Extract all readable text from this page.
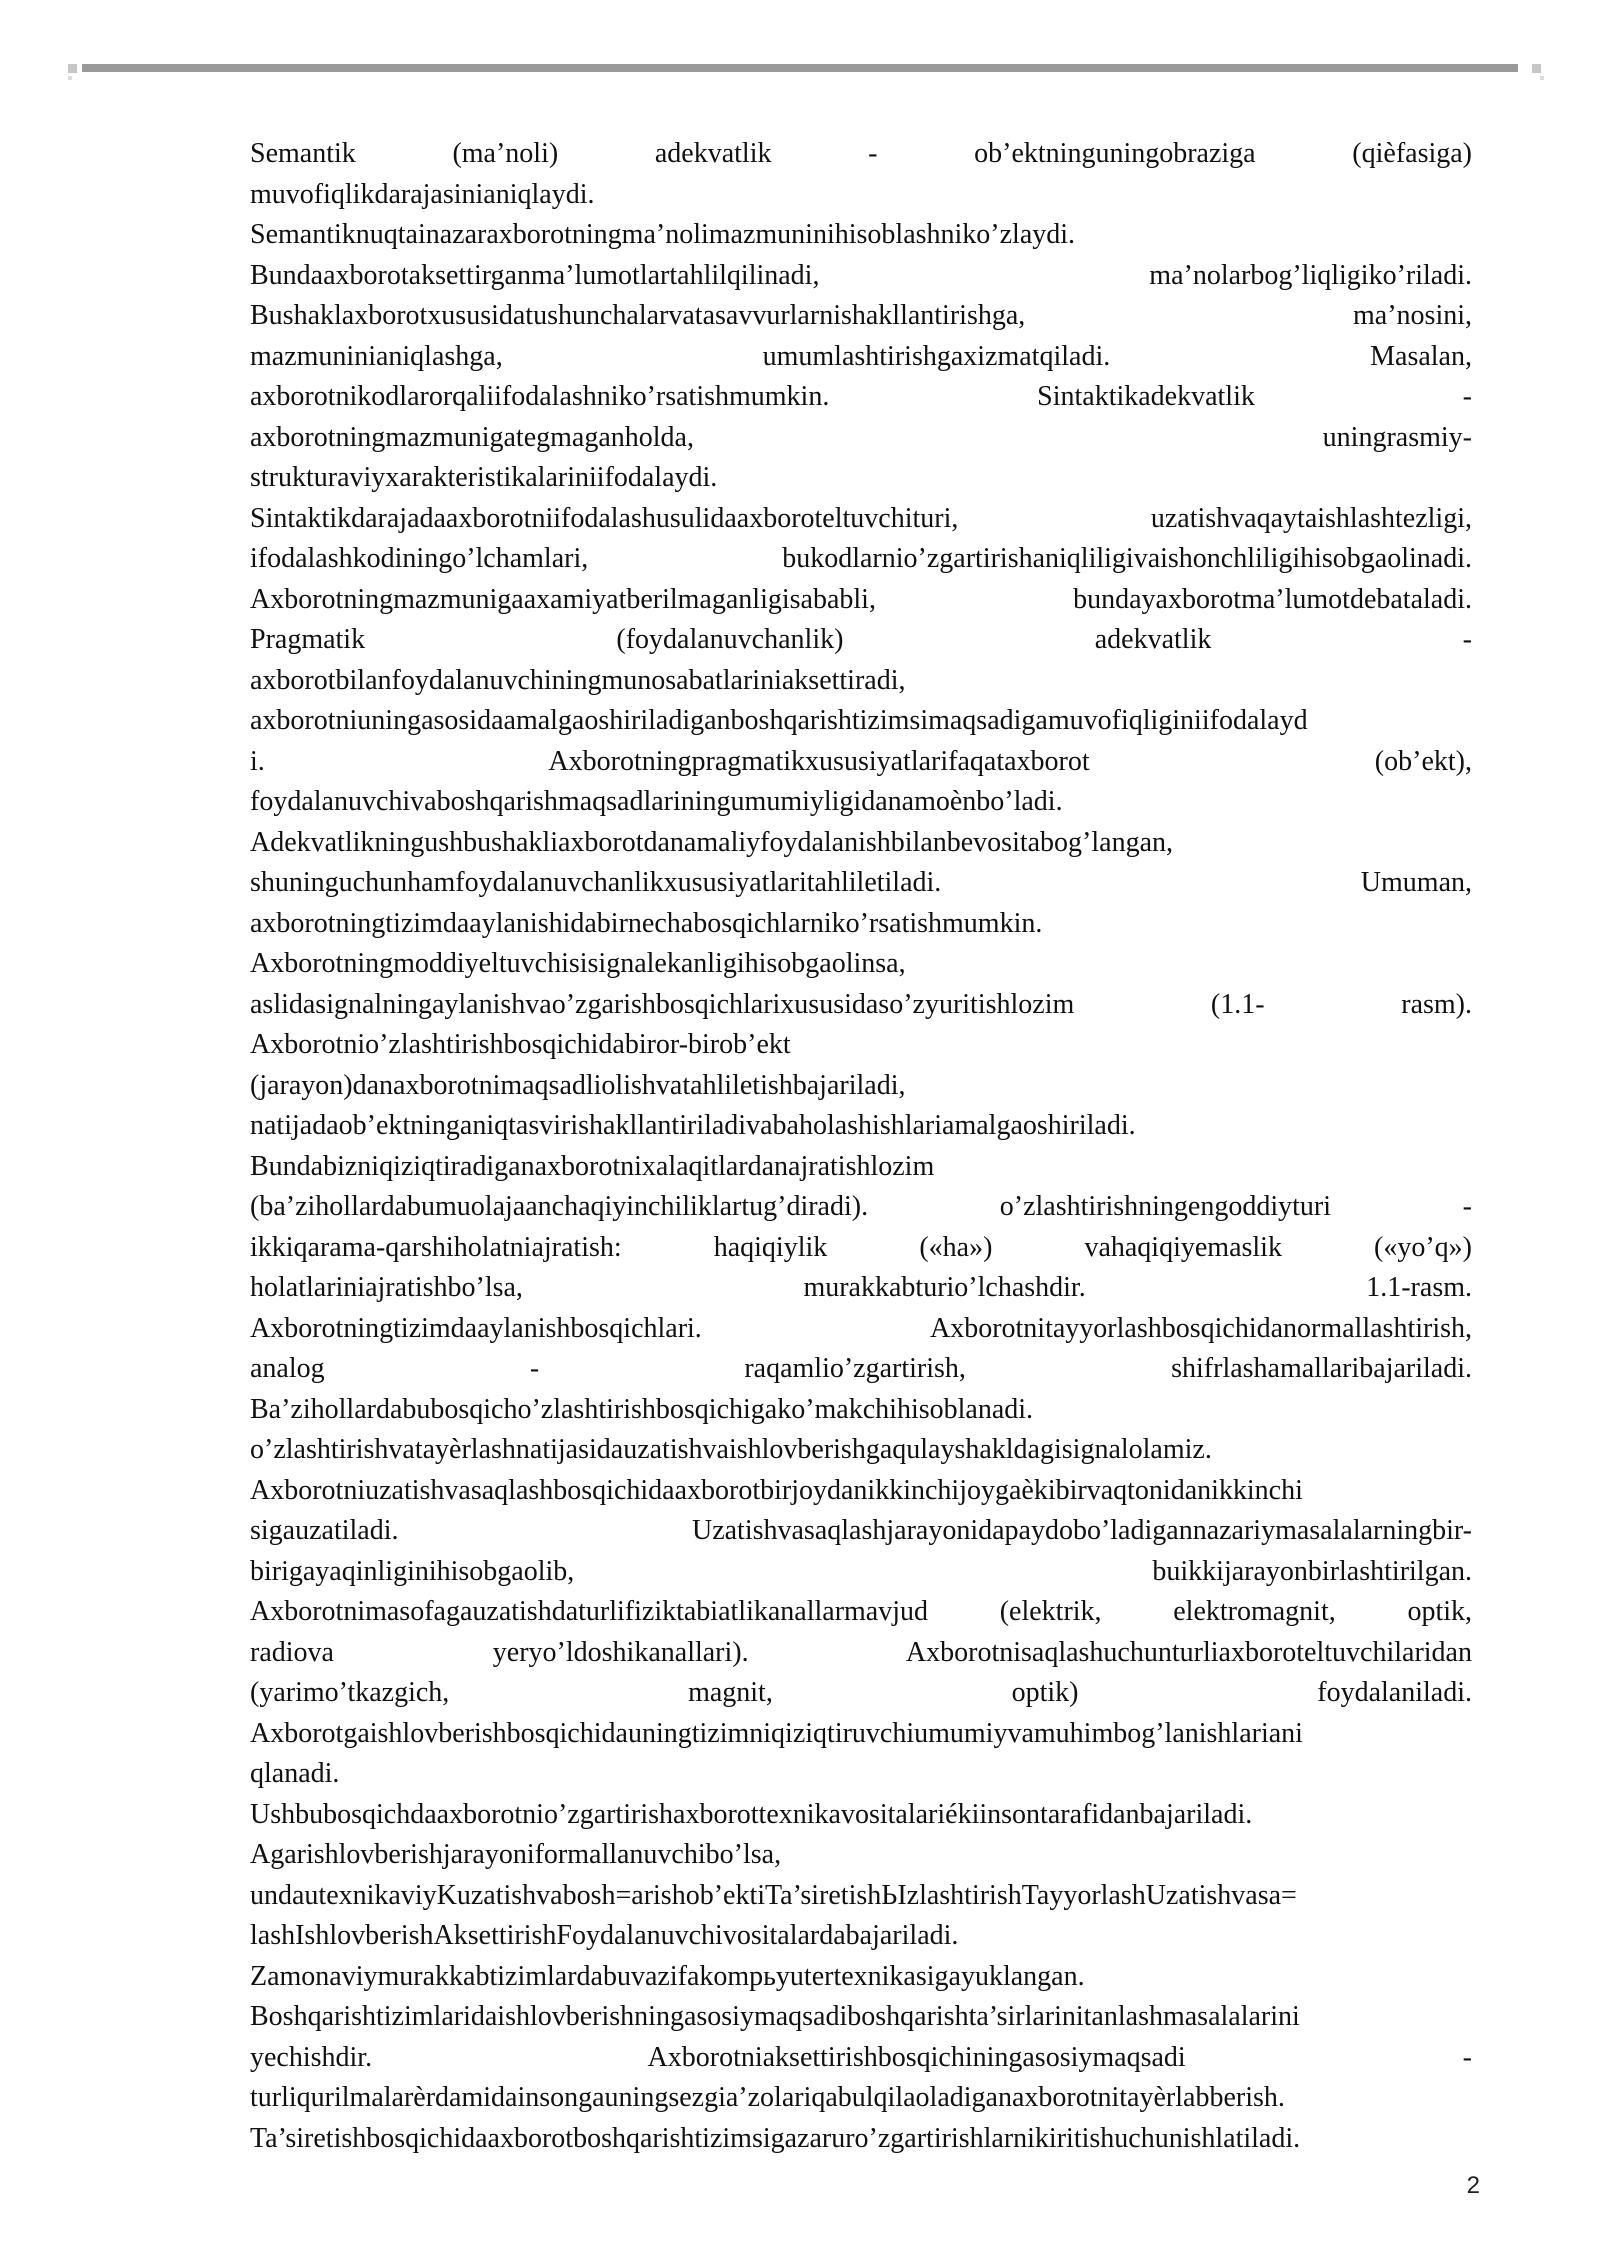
Semantik (ma’noli) adekvatlik - ob’ektninguningobraziga (qièfasiga)
muvofiqlikdarajasinianiqlaydi.
Semantiknuqtainazaraxborotningma’nolimazmuninihisoblashniko’zlaydi.
Bundaaxborotaksettirganma’lumotlartahlilqilinadi, ma’nolarbog’liqligiko’riladi.
Bushaklaxborotxususidatushunchalarvatasavvurlarnishakllantirishga, ma’nosini,
mazmuninianiqlashga, umumlashtirishgaxizmatqiladi. Masalan,
axborotnikodlarorqaliifodalashniko’rsatishmumkin. Sintaktikadekvatlik -
axborotningmazmunigategmaganholda, uningrasmiy-
strukturaviyxarakteristikalariniifodalaydi.
Sintaktikdarajadaaxborotniifodalashusulidaaxboroteltuvchituri, uzatishvaqaytaishlashtezligi,
ifodalashkodiningo’lchamlari, bukodlarnio’zgartirishaniqliligivaishonchliligihisobgaolinadi.
Axborotningmazmunigaaxamiyatberilmaganligisababli, bundayaxborotma’lumotdebataladi.
Pragmatik (foydalanuvchanlik) adekvatlik -
axborotbilanfoydalanuvchiningmunosabatlariniaksettiradi,
axborotniuningasosidaamalgaoshiriladiganboshqarishtizimsimaqsadigamuvofiqliginiifodalayd
i. Axborotningpragmatikxususiyatlarifaqataxborot (ob’ekt),
foydalanuvchivaboshqarishmaqsadlariningumumiyligidanamoènbo’ladi.
Adekvatlikningushbushakliaxborotdanamaliyfoydalanishbilanbevositabog’langan,
shuninguchunhamfoydalanuvchanlikxususiyatlaritahliletiladi. Umuman,
axborotningtizimdaaylanishidabirnechabosqichlarniko’rsatishmumkin.
Axborotningmoddiyeltuvchisisignalekanligihisobgaolinsa,
aslidasignalningaylanishvao’zgarishbosqichlarixususidaso’zyuritishlozim (1.1- rasm).
Axborotnio’zlashtirishbosqichidabiror-birob’ekt
(jarayon)danaxborotnimaqsadliolishvatahliletishbajariladi,
natijadaob’ektninganiqtasvirishakllantiriladivabaholashishlariamalgaoshiriladi.
Bundabizniqiziqtiradiganaxborotnixalaqitlardanajratishlozim
(ba’zihollardabumuolajaanchaqiyinchiliklartug’diradi). o’zlashtirishningengoddiyturi -
ikkiqarama-qarshiholatniajratish: haqiqiylik («ha») vahaqiqiyemaslik («yo’q»)
holatlariniajratishbo’lsa, murakkabturio’lchashdir. 1.1-rasm.
Axborotningtizimdaaylanishbosqichlari. Axborotnitayyorlashbosqichidanormallashtirish,
analog - raqamlio’zgartirish, shifrlashamallaribajariladi.
Ba’zihollardabubosqicho’zlashtirishbosqichigako’makchihisoblanadi.
o’zlashtirishvatayèrlashnatijasidauzatishvaishlovberishgaqulayshakldagisignalolamiz.
Axborotniuzatishvasaqlashbosqichidaaxborotbirjoydanikkinchijoygaèkibirvaqtonidanikkinchi
sigauzatiladi. Uzatishvasaqlashjarayonidapaydobo’ladigannazariymasalalarningbir-
birigayaqinliginihisobgaolib, buikkijarayonbirlashtirilgan.
Axborotnimasofagauzatishdaturlifiziktabiatlikanallarmavjud (elektrik, elektromagnit, optik,
radiova yeryo’ldoshikanallari). Axborotnisaqlashuchunturliaxboroteltuvchilaridan
(yarimo’tkazgich, magnit, optik) foydalaniladi.
Axborotgaishlovberishbosqichidauningtizimniqiziqtiruvchiumumiyvamuhimbog’lanishlariani
qlanadi.
Ushbubosqichdaaxborotnio’zgartirishaxborottexnikavositalariékiinsontarafidanbajariladi.
Agarishlovberishjarayoniformallanuvchibo’lsa,
undautexnikaviyKuzatishvabosh=arishob’ektiTa’siretishЬIzlashtirishTayyorlashUzatishvasa=
lashIshlovberishAksettirishFoydalanuvchivositalardabajariladi.
Zamonaviymurakkabtizimlardabuvazifakompьyutertexnikasigayuklangan.
Boshqarishtizimlaridaishlovberishningasosiymaqsadiboshqarishta’sirlarinitanlashmasalalarini
yechishdir. Axborotniaksettirishbosqichiningasosiymaqsadi -
turliqurilmalarèrdamidainsongauningsezgia’zolariqabulqilaoladiganaxborotnitayèrlabberish.
Ta’siretishbosqichidaaxborotboshqarishtizimsigazaruro’zgartirishlarnikiritishuchunishlatiladi.
2
